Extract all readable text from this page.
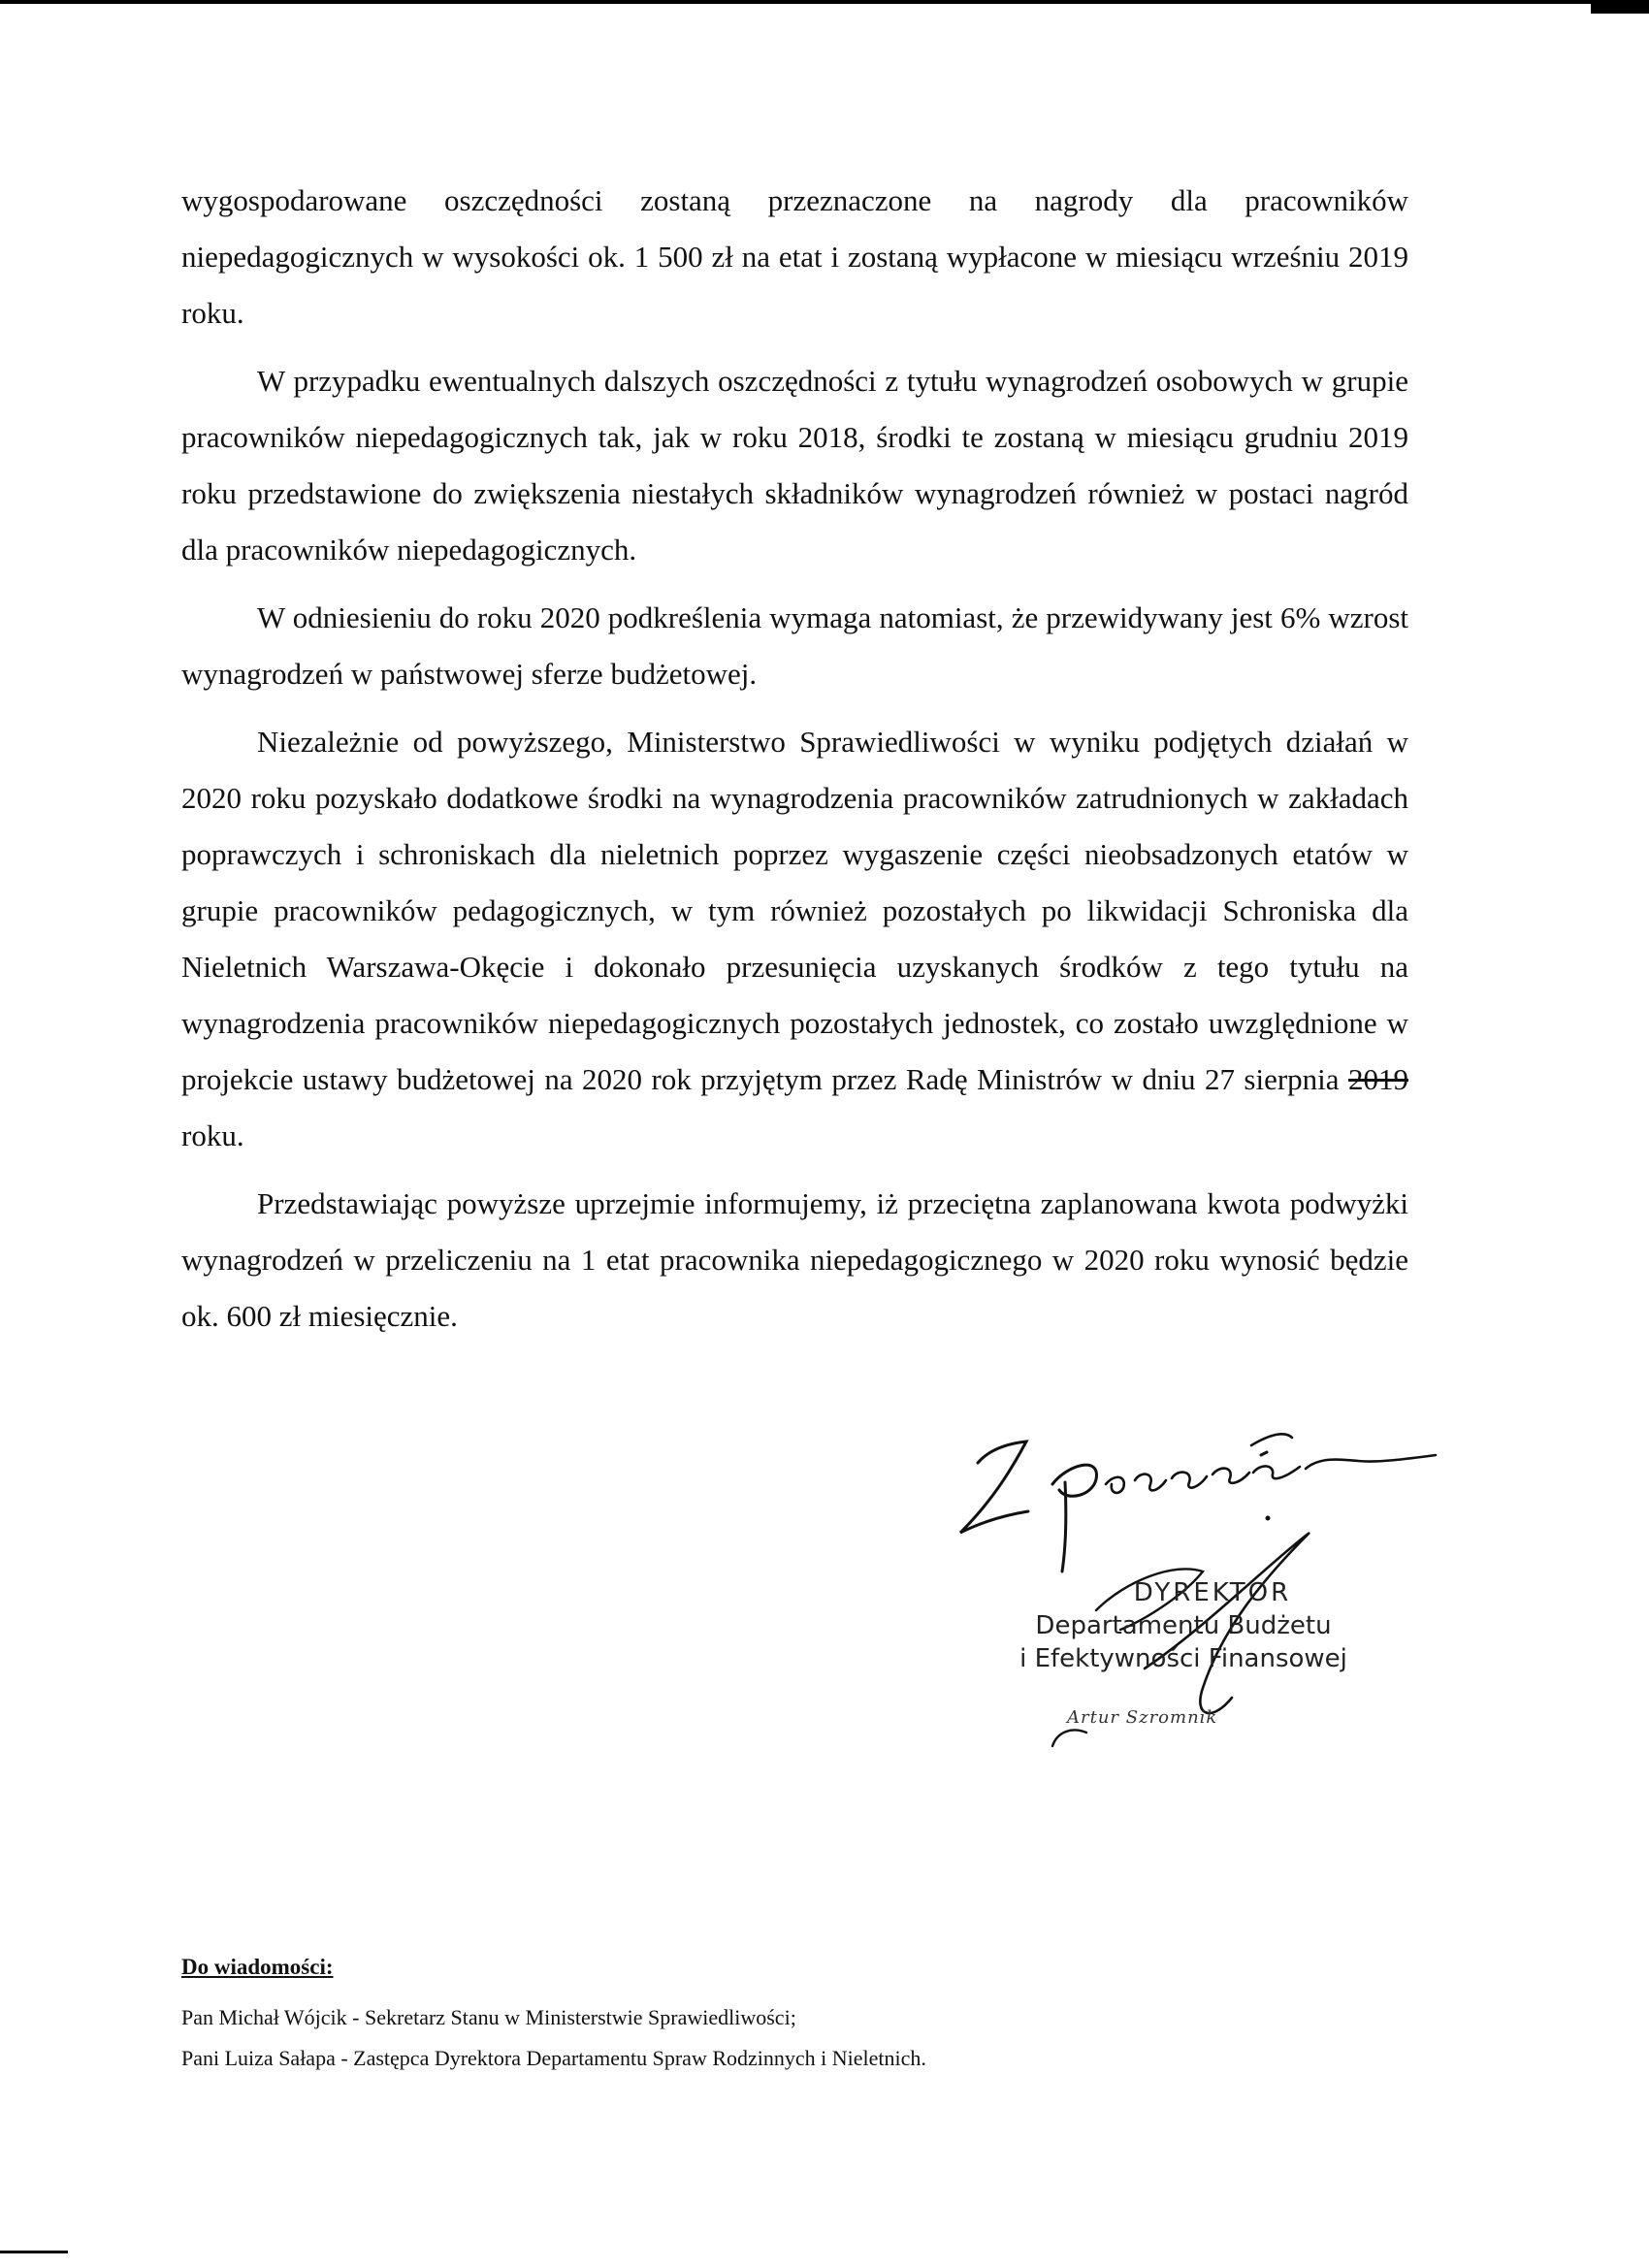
wygospodarowane oszczędności zostaną przeznaczone na nagrody dla pracowników niepedagogicznych w wysokości ok. 1 500 zł na etat i zostaną wypłacone w miesiącu wrześniu 2019 roku.

W przypadku ewentualnych dalszych oszczędności z tytułu wynagrodzeń osobowych w grupie pracowników niepedagogicznych tak, jak w roku 2018, środki te zostaną w miesiącu grudniu 2019 roku przedstawione do zwiększenia niestałych składników wynagrodzeń również w postaci nagród dla pracowników niepedagogicznych.

W odniesieniu do roku 2020 podkreślenia wymaga natomiast, że przewidywany jest 6% wzrost wynagrodzeń w państwowej sferze budżetowej.

Niezależnie od powyższego, Ministerstwo Sprawiedliwości w wyniku podjętych działań w 2020 roku pozyskało dodatkowe środki na wynagrodzenia pracowników zatrudnionych w zakładach poprawczych i schroniskach dla nieletnich poprzez wygaszenie części nieobsadzonych etatów w grupie pracowników pedagogicznych, w tym również pozostałych po likwidacji Schroniska dla Nieletnich Warszawa-Okęcie i dokonało przesunięcia uzyskanych środków z tego tytułu na wynagrodzenia pracowników niepedagogicznych pozostałych jednostek, co zostało uwzględnione w projekcie ustawy budżetowej na 2020 rok przyjętym przez Radę Ministrów w dniu 27 sierpnia 2019 roku.

Przedstawiając powyższe uprzejmie informujemy, iż przeciętna zaplanowana kwota podwyżki wynagrodzeń w przeliczeniu na 1 etat pracownika niepedagogicznego w 2020 roku wynosić będzie ok. 600 zł miesięcznie.

DYREKTOR
Departamentu Budżetu
i Efektywności Finansowej
Artur Szromnik
Do wiadomości:
Pan Michał Wójcik - Sekretarz Stanu w Ministerstwie Sprawiedliwości;
Pani Luiza Sałapa - Zastępca Dyrektora Departamentu Spraw Rodzinnych i Nieletnich.
